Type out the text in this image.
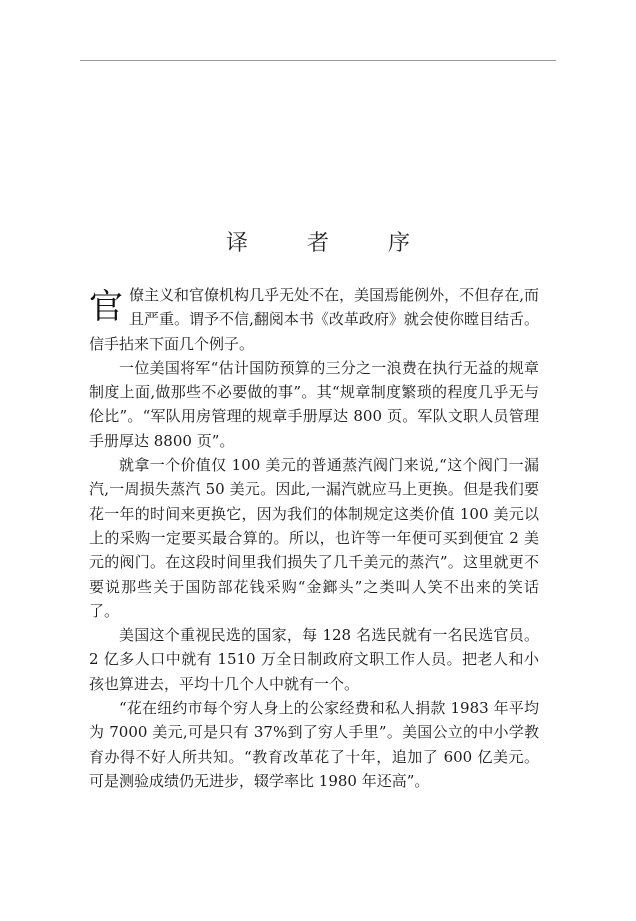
译 者 序

官僚主义和官僚机构几乎无处不在，美国焉能例外，不但存在,而且严重。谓予不信,翻阅本书《改革政府》就会使你瞠目结舌。信手拈来下面几个例子。

一位美国将军“估计国防预算的三分之一浪费在执行无益的规章制度上面,做那些不必要做的事”。其“规章制度繁琐的程度几乎无与伦比”。“军队用房管理的规章手册厚达 800 页。军队文职人员管理手册厚达 8800 页”。

就拿一个价值仅 100 美元的普通蒸汽阀门来说,“这个阀门一漏汽,一周损失蒸汽 50 美元。因此,一漏汽就应马上更换。但是我们要花一年的时间来更换它，因为我们的体制规定这类价值 100 美元以上的采购一定要买最合算的。所以，也许等一年便可买到便宜 2 美元的阀门。在这段时间里我们损失了几千美元的蒸汽”。这里就更不要说那些关于国防部花钱采购“金鎯头”之类叫人笑不出来的笑话了。

美国这个重视民选的国家，每 128 名选民就有一名民选官员。2 亿多人口中就有 1510 万全日制政府文职工作人员。把老人和小孩也算进去，平均十几个人中就有一个。

“花在纽约市每个穷人身上的公家经费和私人捐款 1983 年平均为 7000 美元,可是只有 37%到了穷人手里”。美国公立的中小学教育办得不好人所共知。“教育改革花了十年，追加了 600 亿美元。可是测验成绩仍无进步，辍学率比 1980 年还高”。
